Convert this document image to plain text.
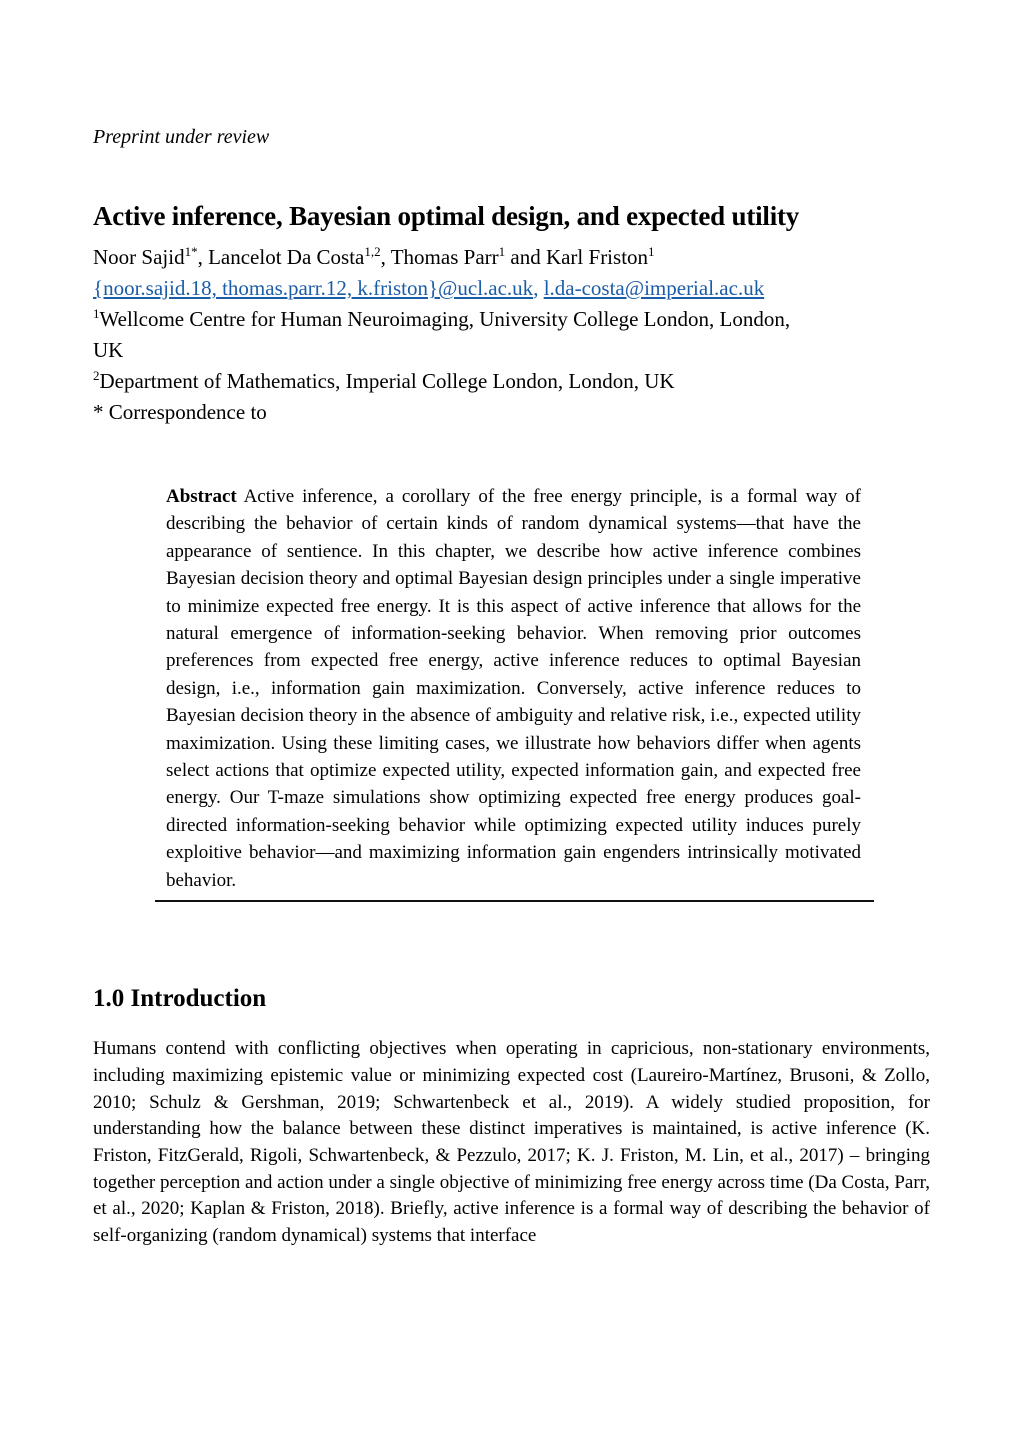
Preprint under review
Active inference, Bayesian optimal design, and expected utility
Noor Sajid$^{1*}$, Lancelot Da Costa$^{1,2}$, Thomas Parr$^1$ and Karl Friston$^1$
{noor.sajid.18, thomas.parr.12, k.friston}@ucl.ac.uk, l.da-costa@imperial.ac.uk
$^1$Wellcome Centre for Human Neuroimaging, University College London, London,
UK
$^2$Department of Mathematics, Imperial College London, London, UK
* Correspondence to
Abstract Active inference, a corollary of the free energy principle, is a formal way of describing the behavior of certain kinds of random dynamical systems—that have the appearance of sentience. In this chapter, we describe how active inference combines Bayesian decision theory and optimal Bayesian design principles under a single imperative to minimize expected free energy. It is this aspect of active inference that allows for the natural emergence of information-seeking behavior. When removing prior outcomes preferences from expected free energy, active inference reduces to optimal Bayesian design, i.e., information gain maximization. Conversely, active inference reduces to Bayesian decision theory in the absence of ambiguity and relative risk, i.e., expected utility maximization. Using these limiting cases, we illustrate how behaviors differ when agents select actions that optimize expected utility, expected information gain, and expected free energy. Our T-maze simulations show optimizing expected free energy produces goal-directed information-seeking behavior while optimizing expected utility induces purely exploitive behavior—and maximizing information gain engenders intrinsically motivated behavior.
1.0 Introduction

Humans contend with conflicting objectives when operating in capricious, non-stationary environments, including maximizing epistemic value or minimizing expected cost (Laureiro-Martínez, Brusoni, & Zollo, 2010; Schulz & Gershman, 2019; Schwartenbeck et al., 2019). A widely studied proposition, for understanding how the balance between these distinct imperatives is maintained, is active inference (K. Friston, FitzGerald, Rigoli, Schwartenbeck, & Pezzulo, 2017; K. J. Friston, M. Lin, et al., 2017) – bringing together perception and action under a single objective of minimizing free energy across time (Da Costa, Parr, et al., 2020; Kaplan & Friston, 2018). Briefly, active inference is a formal way of describing the behavior of self-organizing (random dynamical) systems that interface
